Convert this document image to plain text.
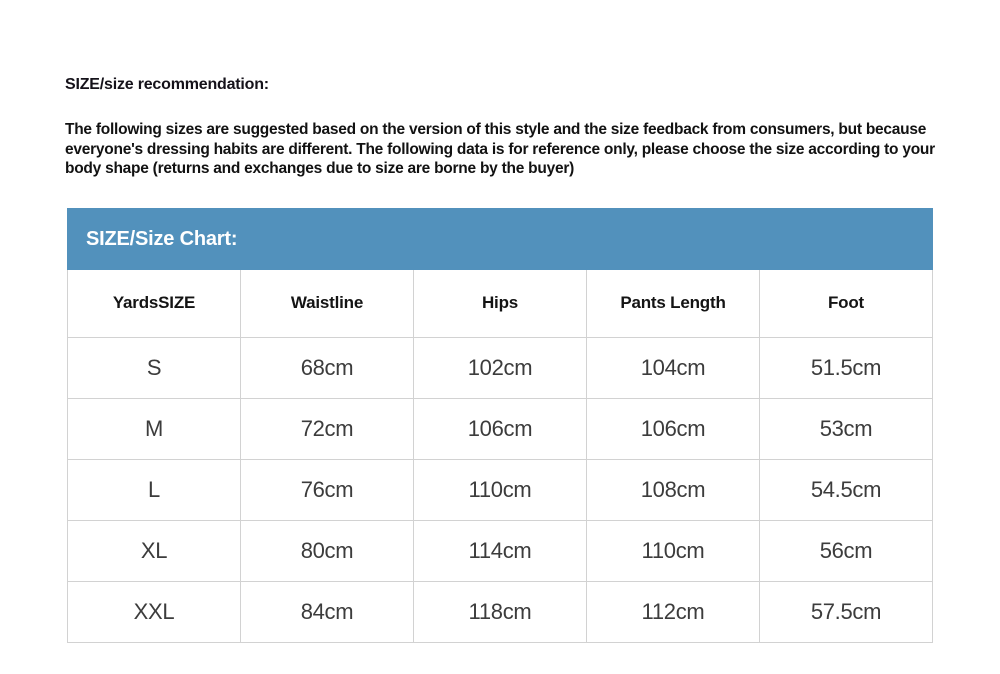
SIZE/size recommendation:
The following sizes are suggested based on the version of this style and the size feedback from consumers, but because everyone's dressing habits are different. The following data is for reference only, please choose the size according to your body shape (returns and exchanges due to size are borne by the buyer)
SIZE/Size Chart:
YardsSIZE	Waistline	Hips	Pants Length	Foot
S	68cm	102cm	104cm	51.5cm
M	72cm	106cm	106cm	53cm
L	76cm	110cm	108cm	54.5cm
XL	80cm	114cm	110cm	56cm
XXL	84cm	118cm	112cm	57.5cm
